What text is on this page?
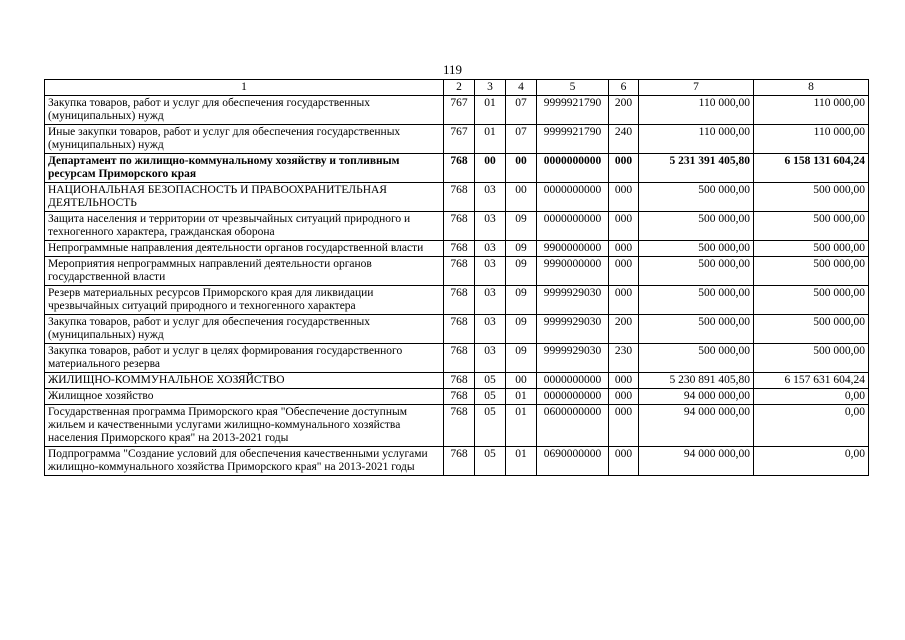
119
1	2	3	4	5	6	7	8
Закупка товаров, работ и услуг для обеспечения государственных (муниципальных) нужд	767	01	07	9999921790	200	110 000,00	110 000,00
Иные закупки товаров, работ и услуг для обеспечения государственных (муниципальных) нужд	767	01	07	9999921790	240	110 000,00	110 000,00
Департамент по жилищно-коммунальному хозяйству и топливным ресурсам Приморского края	768	00	00	0000000000	000	5 231 391 405,80	6 158 131 604,24
НАЦИОНАЛЬНАЯ БЕЗОПАСНОСТЬ И ПРАВООХРАНИТЕЛЬНАЯ ДЕЯТЕЛЬНОСТЬ	768	03	00	0000000000	000	500 000,00	500 000,00
Защита населения и территории от чрезвычайных ситуаций природного и техногенного характера, гражданская оборона	768	03	09	0000000000	000	500 000,00	500 000,00
Непрограммные направления деятельности органов государственной власти	768	03	09	9900000000	000	500 000,00	500 000,00
Мероприятия непрограммных направлений деятельности органов государственной власти	768	03	09	9990000000	000	500 000,00	500 000,00
Резерв материальных ресурсов Приморского края для ликвидации чрезвычайных ситуаций природного и техногенного характера	768	03	09	9999929030	000	500 000,00	500 000,00
Закупка товаров, работ и услуг для обеспечения государственных (муниципальных) нужд	768	03	09	9999929030	200	500 000,00	500 000,00
Закупка товаров, работ и услуг в целях формирования государственного материального резерва	768	03	09	9999929030	230	500 000,00	500 000,00
ЖИЛИЩНО-КОММУНАЛЬНОЕ ХОЗЯЙСТВО	768	05	00	0000000000	000	5 230 891 405,80	6 157 631 604,24
Жилищное хозяйство	768	05	01	0000000000	000	94 000 000,00	0,00
Государственная программа Приморского края "Обеспечение доступным жильем и качественными услугами жилищно-коммунального хозяйства населения Приморского края" на 2013-2021 годы	768	05	01	0600000000	000	94 000 000,00	0,00
Подпрограмма "Создание условий для обеспечения качественными услугами жилищно-коммунального хозяйства Приморского края" на 2013-2021 годы	768	05	01	0690000000	000	94 000 000,00	0,00
